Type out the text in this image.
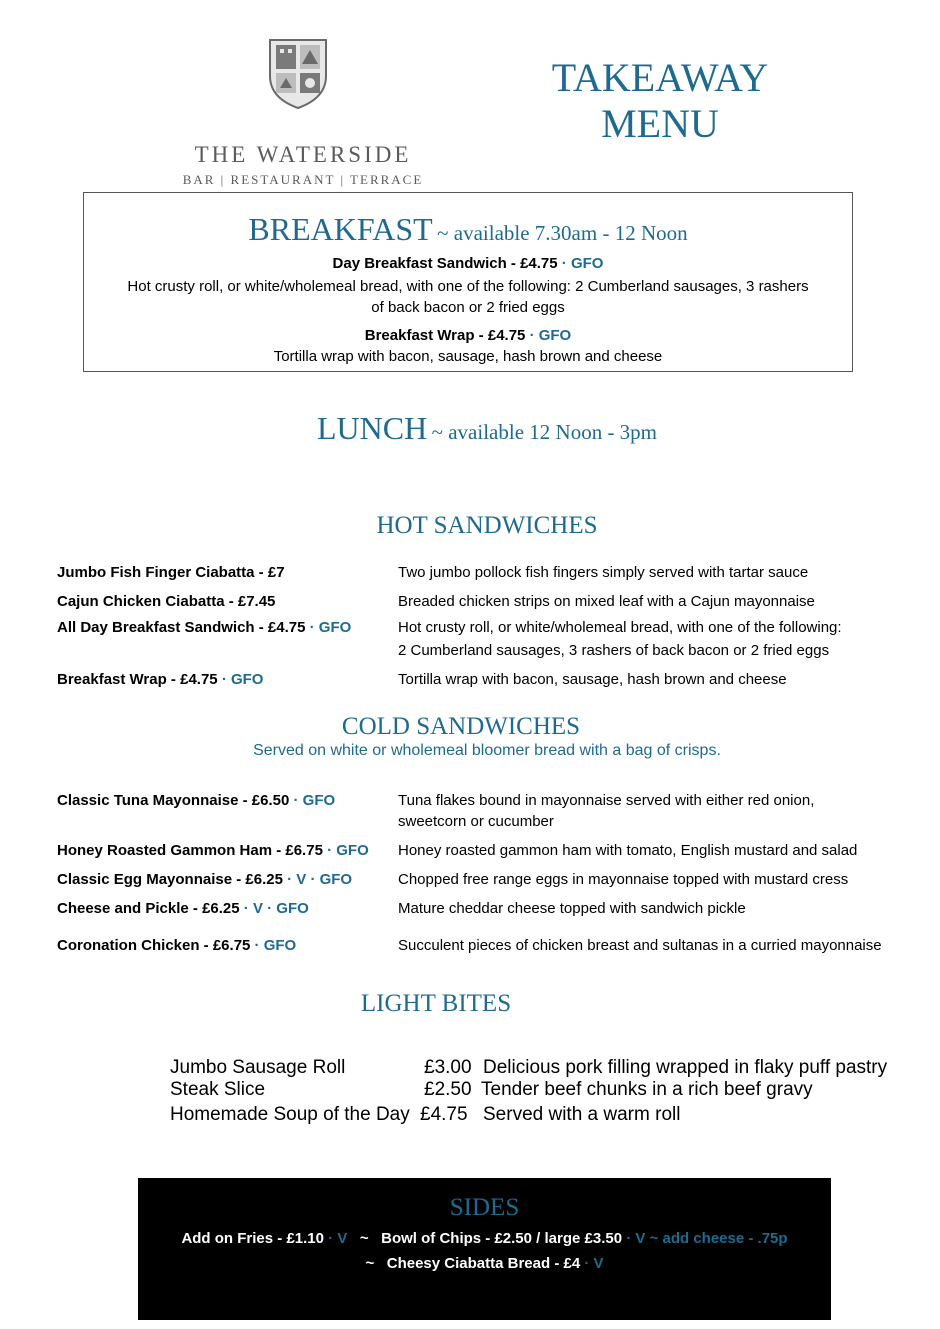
THE WATERSIDE
BAR | RESTAURANT | TERRACE
TAKEAWAY
MENU
BREAKFAST ~ available 7.30am - 12 Noon
Day Breakfast Sandwich - £4.75 · GFO
Hot crusty roll, or white/wholemeal bread, with one of the following: 2 Cumberland sausages, 3 rashers
of back bacon or 2 fried eggs
Breakfast Wrap - £4.75 · GFO
Tortilla wrap with bacon, sausage, hash brown and cheese
LUNCH ~ available 12 Noon - 3pm
HOT SANDWICHES
Jumbo Fish Finger Ciabatta - £7	Two jumbo pollock fish fingers simply served with tartar sauce
Cajun Chicken Ciabatta - £7.45	Breaded chicken strips on mixed leaf with a Cajun mayonnaise
All Day Breakfast Sandwich - £4.75 · GFO	Hot crusty roll, or white/wholemeal bread, with one of the following:
2 Cumberland sausages, 3 rashers of back bacon or 2 fried eggs
Breakfast Wrap - £4.75 · GFO	Tortilla wrap with bacon, sausage, hash brown and cheese
COLD SANDWICHES
Served on white or wholemeal bloomer bread with a bag of crisps.
Classic Tuna Mayonnaise - £6.50 · GFO	Tuna flakes bound in mayonnaise served with either red onion,
sweetcorn or cucumber
Honey Roasted Gammon Ham - £6.75 · GFO Honey roasted gammon ham with tomato, English mustard and salad
Classic Egg Mayonnaise - £6.25 · V · GFO	Chopped free range eggs in mayonnaise topped with mustard cress
Cheese and Pickle - £6.25 · V · GFO	Mature cheddar cheese topped with sandwich pickle
Coronation Chicken - £6.75 · GFO	Succulent pieces of chicken breast and sultanas in a curried mayonnaise
LIGHT BITES
Jumbo Sausage Roll	£3.00 Delicious pork filling wrapped in flaky puff pastry
Steak Slice	£2.50 Tender beef chunks in a rich beef gravy
Homemade Soup of the Day £4.75 Served with a warm roll
SIDES
Add on Fries - £1.10 · V ~ Bowl of Chips - £2.50 / large £3.50 · V ~ add cheese - .75p
~ Cheesy Ciabatta Bread - £4 · V
